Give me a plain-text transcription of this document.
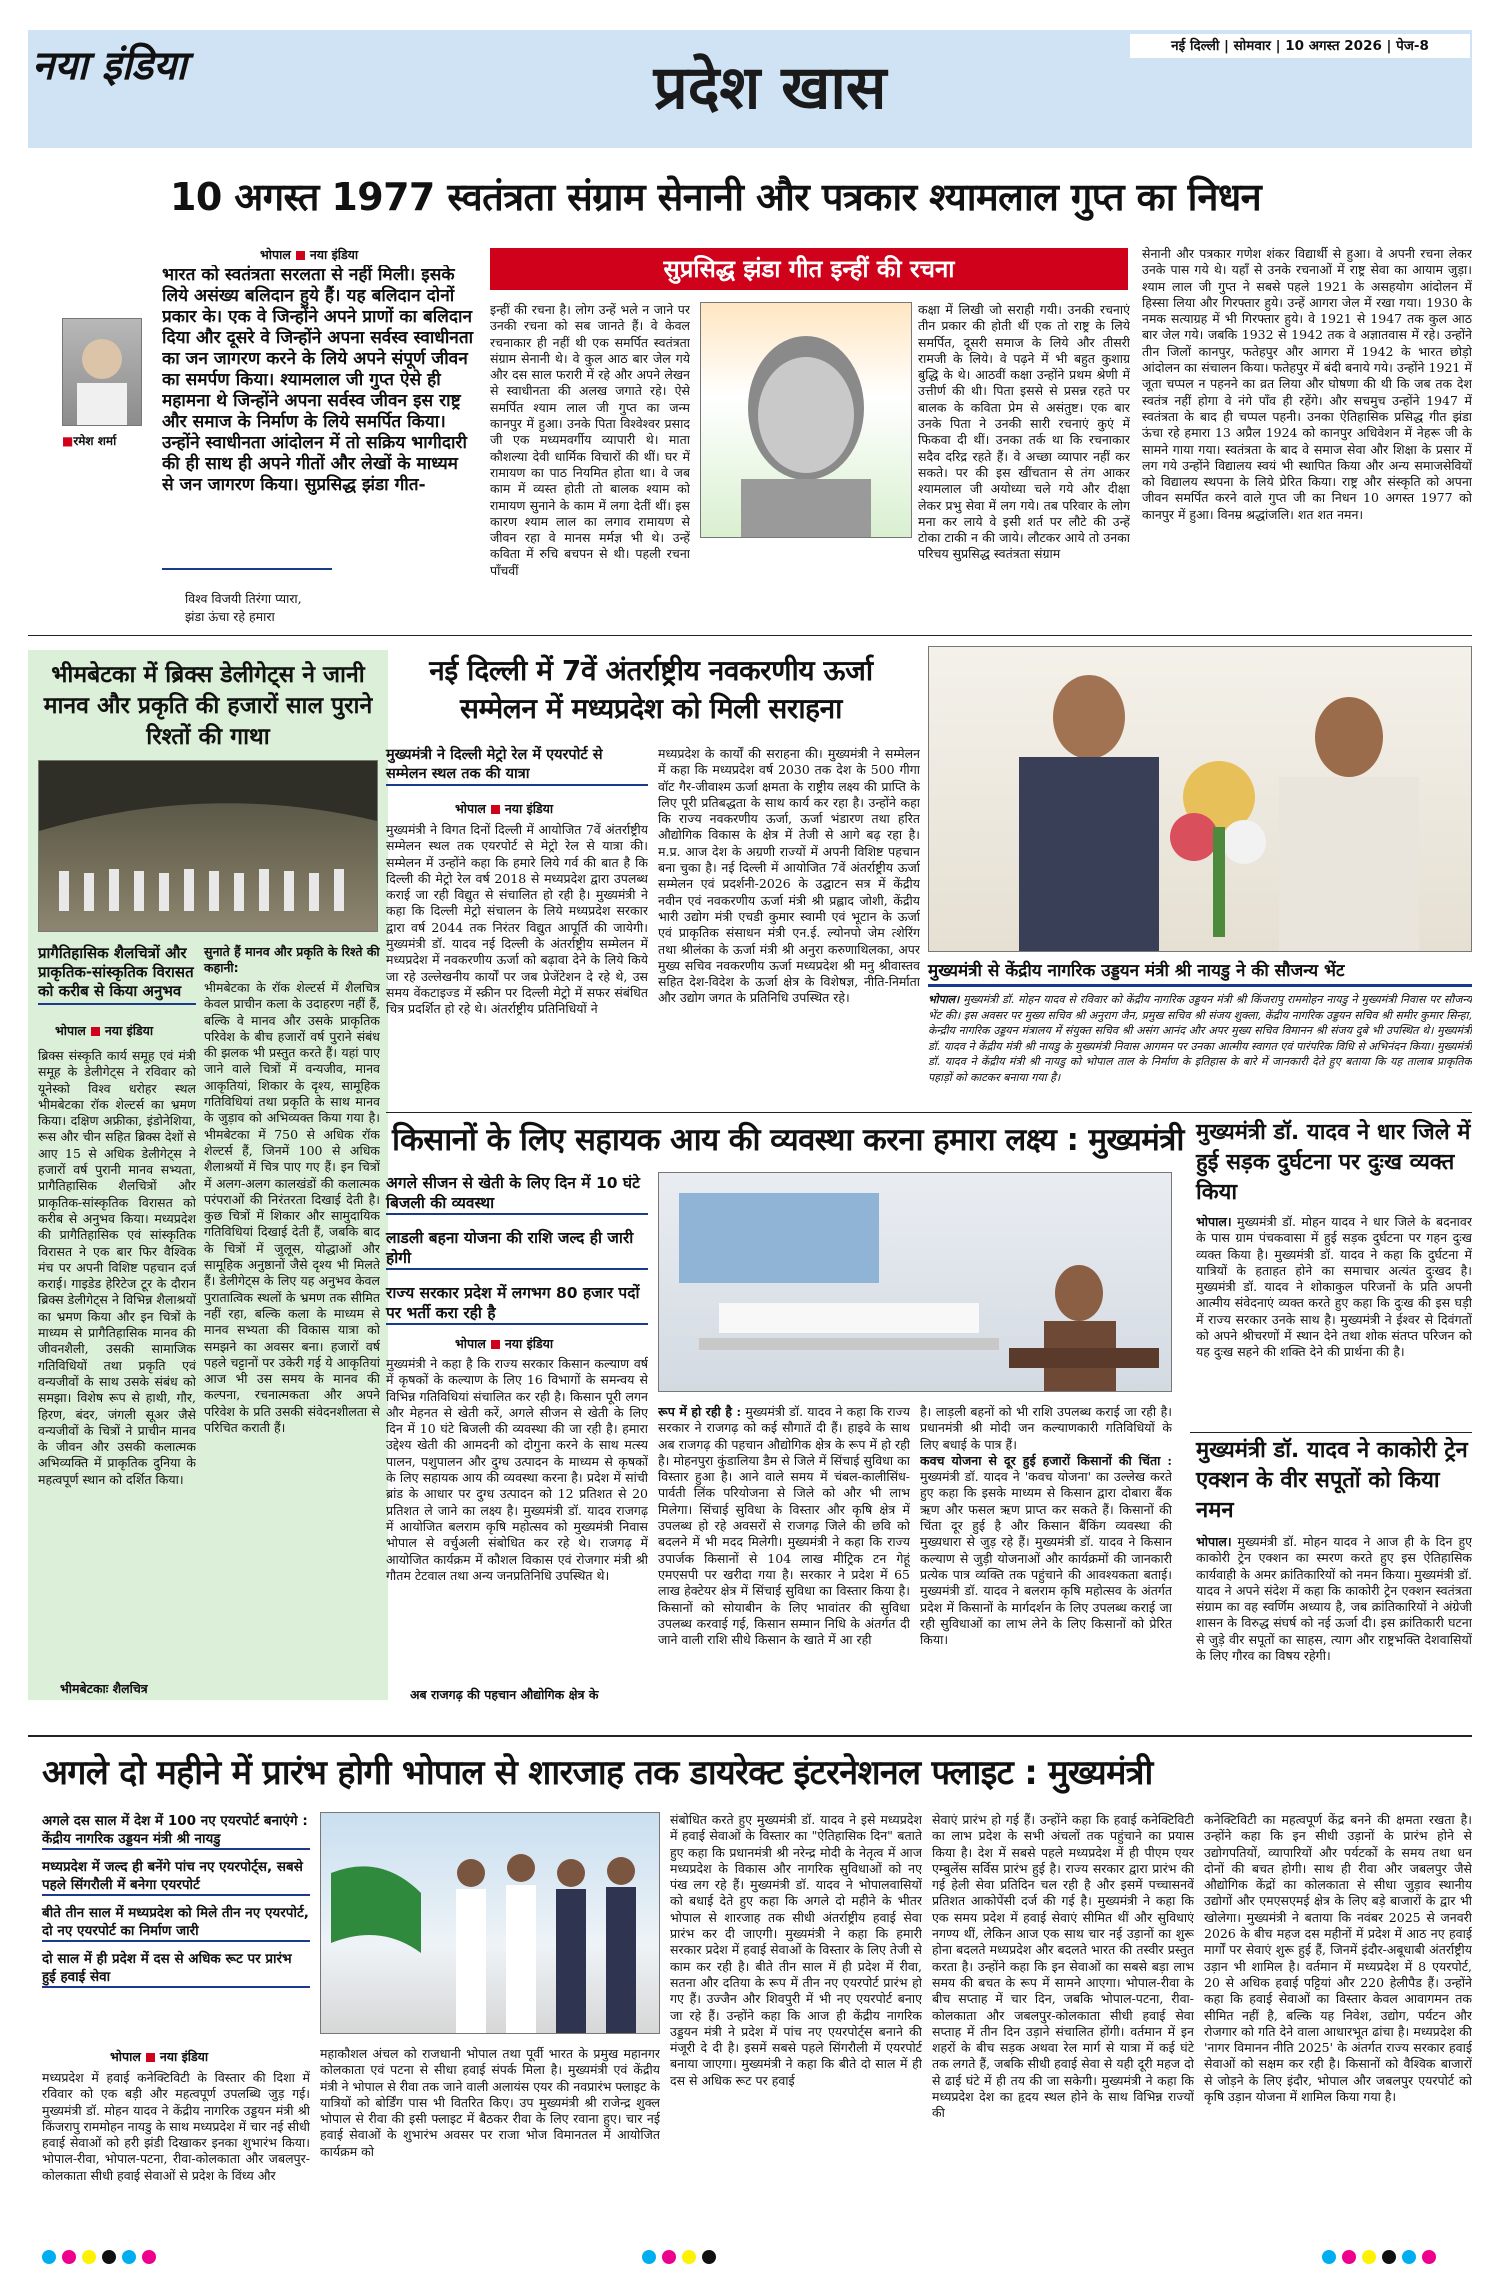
नया इंडिया	प्रदेश खास
नई दिल्ली | सोमवार | 10 अगस्त 2026 | पेज-8
10 अगस्त 1977 स्वतंत्रता संग्राम सेनानी और पत्रकार श्यामलाल गुप्त का निधन
भोपाल नया इंडिया
■रमेश शर्मा
भारत को स्वतंत्रता सरलता से नहीं मिली। इसके लिये असंख्य बलिदान हुये हैं। यह बलिदान दोनों प्रकार के। एक वे जिन्होंने अपने प्राणों का बलिदान दिया और दूसरे वे जिन्होंने अपना सर्वस्व स्वाधीनता का जन जागरण करने के लिये अपने संपूर्ण जीवन का समर्पण किया। श्यामलाल जी गुप्त ऐसे ही महामना थे जिन्होंने अपना सर्वस्व जीवन इस राष्ट्र और समाज के निर्माण के लिये समर्पित किया। उन्होंने स्वाधीनता आंदोलन में तो सक्रिय भागीदारी की ही साथ ही अपने गीतों और लेखों के माध्यम से जन जागरण किया। सुप्रसिद्ध झंडा गीत-
विश्व विजयी तिरंगा प्यारा,
झंडा ऊंचा रहे हमारा
सुप्रसिद्ध झंडा गीत इन्हीं की रचना

इन्हीं की रचना है। लोग उन्हें भले न जाने पर उनकी रचना को सब जानते हैं। वे केवल रचनाकार ही नहीं थी एक समर्पित स्वतंत्रता संग्राम सेनानी थे। वे कुल आठ बार जेल गये और दस साल फरारी में रहे और अपने लेखन से स्वाधीनता की अलख जगाते रहे। ऐसे समर्पित श्याम लाल जी गुप्त का जन्म कानपुर में हुआ। उनके पिता विश्वेश्वर प्रसाद जी एक मध्यमवर्गीय व्यापारी थे। माता कौशल्या देवी धार्मिक विचारों की थीं। घर में रामायण का पाठ नियमित होता था। वे जब काम में व्यस्त होती तो बालक श्याम को रामायण सुनाने के काम में लगा देतीं थीं। इस कारण श्याम लाल का लगाव रामायण से जीवन रहा वे मानस मर्मज्ञ भी थे। उन्हें कविता में रुचि बचपन से थी। पहली रचना पाँचवीं

कक्षा में लिखी जो सराही गयी। उनकी रचनाएं तीन प्रकार की होती थीं एक तो राष्ट्र के लिये समर्पित, दूसरी समाज के लिये और तीसरी रामजी के लिये। वे पढ़ने में भी बहुत कुशाग्र बुद्धि के थे। आठवीं कक्षा उन्होंने प्रथम श्रेणी में उत्तीर्ण की थी। पिता इससे से प्रसन्न रहते पर बालक के कविता प्रेम से असंतुष्ट। एक बार उनके पिता ने उनकी सारी रचनाएं कुएं में फिकवा दी थीं। उनका तर्क था कि रचनाकार सदैव दरिद्र रहते हैं। वे अच्छा व्यापार नहीं कर सकते। पर की इस खींचतान से तंग आकर श्यामलाल जी अयोध्या चले गये और दीक्षा लेकर प्रभु सेवा में लग गये। तब परिवार के लोग मना कर लाये वे इसी शर्त पर लौटे की उन्हें टोका टाकी न की जाये। लौटकर आये तो उनका परिचय सुप्रसिद्ध स्वतंत्रता संग्राम

सेनानी और पत्रकार गणेश शंकर विद्यार्थी से हुआ। वे अपनी रचना लेकर उनके पास गये थे। यहाँ से उनके रचनाओं में राष्ट्र सेवा का आयाम जुड़ा। श्याम लाल जी गुप्त ने सबसे पहले 1921 के असहयोग आंदोलन में हिस्सा लिया और गिरफ्तार हुये। उन्हें आगरा जेल में रखा गया। 1930 के नमक सत्याग्रह में भी गिरफ्तार हुये। वे 1921 से 1947 तक कुल आठ बार जेल गये। जबकि 1932 से 1942 तक वे अज्ञातवास में रहे। उन्होंने तीन जिलों कानपुर, फतेहपुर और आगरा में 1942 के भारत छोड़ो आंदोलन का संचालन किया। फतेहपुर में बंदी बनाये गये। उन्होंने 1921 में जूता चप्पल न पहनने का व्रत लिया और घोषणा की थी कि जब तक देश स्वतंत्र नहीं होगा वे नंगे पाँव ही रहेंगे। और सचमुच उन्होंने 1947 में स्वतंत्रता के बाद ही चप्पल पहनी। उनका ऐतिहासिक प्रसिद्ध गीत झंडा ऊंचा रहे हमारा 13 अप्रैल 1924 को कानपुर अधिवेशन में नेहरू जी के सामने गाया गया। स्वतंत्रता के बाद वे समाज सेवा और शिक्षा के प्रसार में लग गये उन्होंने विद्यालय स्वयं भी स्थापित किया और अन्य समाजसेवियों को विद्यालय स्थपना के लिये प्रेरित किया। राष्ट्र और संस्कृति को अपना जीवन समर्पित करने वाले गुप्त जी का निधन 10 अगस्त 1977 को कानपुर में हुआ। विनम्र श्रद्धांजलि। शत शत नमन।

भीमबेटका में ब्रिक्स डेलीगेट्स ने जानी मानव और प्रकृति की हजारों साल पुराने रिश्तों की गाथा
प्रागैतिहासिक शैलचित्रों और प्राकृतिक-सांस्कृतिक विरासत को करीब से किया अनुभव
भोपाल नया इंडिया

ब्रिक्स संस्कृति कार्य समूह एवं मंत्री समूह के डेलीगेट्स ने रविवार को यूनेस्को विश्व धरोहर स्थल भीमबेटका रॉक शेल्टर्स का भ्रमण किया। दक्षिण अफ्रीका, इंडोनेशिया, रूस और चीन सहित ब्रिक्स देशों से आए 15 से अधिक डेलीगेट्स ने हजारों वर्ष पुरानी मानव सभ्यता, प्रागैतिहासिक शैलचित्रों और प्राकृतिक-सांस्कृतिक विरासत को करीब से अनुभव किया। मध्यप्रदेश की प्रागैतिहासिक एवं सांस्कृतिक विरासत ने एक बार फिर वैश्विक मंच पर अपनी विशिष्ट पहचान दर्ज कराई। गाइडेड हेरिटेज टूर के दौरान ब्रिक्स डेलीगेट्स ने विभिन्न शैलाश्रयों का भ्रमण किया और इन चित्रों के माध्यम से प्रागैतिहासिक मानव की जीवनशैली, उसकी सामाजिक गतिविधियों तथा प्रकृति एवं वन्यजीवों के साथ उसके संबंध को समझा। विशेष रूप से हाथी, गौर, हिरण, बंदर, जंगली सूअर जैसे वन्यजीवों के चित्रों ने प्राचीन मानव के जीवन और उसकी कलात्मक अभिव्यक्ति में प्राकृतिक दुनिया के महत्वपूर्ण स्थान को दर्शित किया।

सुनाते हैं मानव और प्रकृति के रिश्ते की कहानी:

भीमबेटका के रॉक शेल्टर्स में शैलचित्र केवल प्राचीन कला के उदाहरण नहीं हैं, बल्कि वे मानव और उसके प्राकृतिक परिवेश के बीच हजारों वर्ष पुराने संबंध की झलक भी प्रस्तुत करते हैं। यहां पाए जाने वाले चित्रों में वन्यजीव, मानव आकृतियां, शिकार के दृश्य, सामूहिक गतिविधियां तथा प्रकृति के साथ मानव के जुड़ाव को अभिव्यक्त किया गया है। भीमबेटका में 750 से अधिक रॉक शेल्टर्स हैं, जिनमें 100 से अधिक शैलाश्रयों में चित्र पाए गए हैं। इन चित्रों में अलग-अलग कालखंडों की कलात्मक परंपराओं की निरंतरता दिखाई देती है। कुछ चित्रों में शिकार और सामुदायिक गतिविधियां दिखाई देती हैं, जबकि बाद के चित्रों में जुलूस, योद्धाओं और सामूहिक अनुष्ठानों जैसे दृश्य भी मिलते हैं। डेलीगेट्स के लिए यह अनुभव केवल पुरातात्विक स्थलों के भ्रमण तक सीमित नहीं रहा, बल्कि कला के माध्यम से मानव सभ्यता की विकास यात्रा को समझने का अवसर बना। हजारों वर्ष पहले चट्टानों पर उकेरी गई ये आकृतियां आज भी उस समय के मानव की कल्पना, रचनात्मकता और अपने परिवेश के प्रति उसकी संवेदनशीलता से परिचित कराती हैं।

भीमबेटकाः शैलचित्र
नई दिल्ली में 7वें अंतर्राष्ट्रीय नवकरणीय ऊर्जा सम्मेलन में मध्यप्रदेश को मिली सराहना
मुख्यमंत्री ने दिल्ली मेट्रो रेल में एयरपोर्ट से सम्मेलन स्थल तक की यात्रा
भोपाल नया इंडिया

मुख्यमंत्री ने विगत दिनों दिल्ली में आयोजित 7वें अंतर्राष्ट्रीय सम्मेलन स्थल तक एयरपोर्ट से मेट्रो रेल से यात्रा की। सम्मेलन में उन्होंने कहा कि हमारे लिये गर्व की बात है कि दिल्ली की मेट्रो रेल वर्ष 2018 से मध्यप्रदेश द्वारा उपलब्ध कराई जा रही विद्युत से संचालित हो रही है। मुख्यमंत्री ने कहा कि दिल्ली मेट्रो संचालन के लिये मध्यप्रदेश सरकार द्वारा वर्ष 2044 तक निरंतर विद्युत आपूर्ति की जायेगी। मुख्यमंत्री डॉ. यादव नई दिल्ली के अंतर्राष्ट्रीय सम्मेलन में मध्यप्रदेश में नवकरणीय ऊर्जा को बढ़ावा देने के लिये किये जा रहे उल्लेखनीय कार्यों पर जब प्रेजेंटेशन दे रहे थे, उस समय वेंकटाइज्ड में स्क्रीन पर दिल्ली मेट्रो में सफर संबंधित चित्र प्रदर्शित हो रहे थे। अंतर्राष्ट्रीय प्रतिनिधियों ने

मध्यप्रदेश के कार्यों की सराहना की। मुख्यमंत्री ने सम्मेलन में कहा कि मध्यप्रदेश वर्ष 2030 तक देश के 500 गीगा वॉट गैर-जीवाश्म ऊर्जा क्षमता के राष्ट्रीय लक्ष्य की प्राप्ति के लिए पूरी प्रतिबद्धता के साथ कार्य कर रहा है। उन्होंने कहा कि राज्य नवकरणीय ऊर्जा, ऊर्जा भंडारण तथा हरित औद्योगिक विकास के क्षेत्र में तेजी से आगे बढ़ रहा है। म.प्र. आज देश के अग्रणी राज्यों में अपनी विशिष्ट पहचान बना चुका है। नई दिल्ली में आयोजित 7वें अंतर्राष्ट्रीय ऊर्जा सम्मेलन एवं प्रदर्शनी-2026 के उद्घाटन सत्र में केंद्रीय नवीन एवं नवकरणीय ऊर्जा मंत्री श्री प्रह्लाद जोशी, केंद्रीय भारी उद्योग मंत्री एचडी कुमार स्वामी एवं भूटान के ऊर्जा एवं प्राकृतिक संसाधन मंत्री एन.ई. ल्योनपो जेम त्शेरिंग तथा श्रीलंका के ऊर्जा मंत्री श्री अनुरा करुणाथिलका, अपर मुख्य सचिव नवकरणीय ऊर्जा मध्यप्रदेश श्री मनु श्रीवास्तव सहित देश-विदेश के ऊर्जा क्षेत्र के विशेषज्ञ, नीति-निर्माता और उद्योग जगत के प्रतिनिधि उपस्थित रहे।

मुख्यमंत्री से केंद्रीय नागरिक उड्डयन मंत्री श्री नायडु ने की सौजन्य भेंट

भोपाल। मुख्यमंत्री डॉ. मोहन यादव से रविवार को केंद्रीय नागरिक उड्डयन मंत्री श्री किंजरापु राममोहन नायडु ने मुख्यमंत्री निवास पर सौजन्य भेंट की। इस अवसर पर मुख्य सचिव श्री अनुराग जैन, प्रमुख सचिव श्री संजय शुक्ला, केंद्रीय नागरिक उड्डयन सचिव श्री समीर कुमार सिन्हा, केन्द्रीय नागरिक उड्डयन मंत्रालय में संयुक्त सचिव श्री असंग आनंद और अपर मुख्य सचिव विमानन श्री संजय दुबे भी उपस्थित थे। मुख्यमंत्री डॉ. यादव ने केंद्रीय मंत्री श्री नायडु के मुख्यमंत्री निवास आगमन पर उनका आत्मीय स्वागत एवं पारंपरिक विधि से अभिनंदन किया। मुख्यमंत्री डॉ. यादव ने केंद्रीय मंत्री श्री नायडु को भोपाल ताल के निर्माण के इतिहास के बारे में जानकारी देते हुए बताया कि यह तालाब प्राकृतिक पहाड़ों को काटकर बनाया गया है।

किसानों के लिए सहायक आय की व्यवस्था करना हमारा लक्ष्य : मुख्यमंत्री
अगले सीजन से खेती के लिए दिन में 10 घंटे बिजली की व्यवस्था
लाडली बहना योजना की राशि जल्द ही जारी होगी
राज्य सरकार प्रदेश में लगभग 80 हजार पदों पर भर्ती करा रही है
भोपाल नया इंडिया

मुख्यमंत्री ने कहा है कि राज्य सरकार किसान कल्याण वर्ष में कृषकों के कल्याण के लिए 16 विभागों के समन्वय से विभिन्न गतिविधियां संचालित कर रही है। किसान पूरी लगन और मेहनत से खेती करें, अगले सीजन से खेती के लिए दिन में 10 घंटे बिजली की व्यवस्था की जा रही है। हमारा उद्देश्य खेती की आमदनी को दोगुना करने के साथ मत्स्य पालन, पशुपालन और दुग्ध उत्पादन के माध्यम से कृषकों के लिए सहायक आय की व्यवस्था करना है। प्रदेश में सांची ब्रांड के आधार पर दुग्ध उत्पादन को 12 प्रतिशत से 20 प्रतिशत ले जाने का लक्ष्य है। मुख्यमंत्री डॉ. यादव राजगढ़ में आयोजित बलराम कृषि महोत्सव को मुख्यमंत्री निवास भोपाल से वर्चुअली संबोधित कर रहे थे। राजगढ़ में आयोजित कार्यक्रम में कौशल विकास एवं रोजगार मंत्री श्री गौतम टेटवाल तथा अन्य जनप्रतिनिधि उपस्थित थे।

अब राजगढ़ की पहचान औद्योगिक क्षेत्र के

रूप में हो रही है : मुख्यमंत्री डॉ. यादव ने कहा कि राज्य सरकार ने राजगढ़ को कई सौगातें दी हैं। हाइवे के साथ अब राजगढ़ की पहचान औद्योगिक क्षेत्र के रूप में हो रही है। मोहनपुरा कुंडालिया डैम से जिले में सिंचाई सुविधा का विस्तार हुआ है। आने वाले समय में चंबल-कालीसिंध-पार्वती लिंक परियोजना से जिले को और भी लाभ मिलेगा। सिंचाई सुविधा के विस्तार और कृषि क्षेत्र में उपलब्ध हो रहे अवसरों से राजगढ़ जिले की छवि को बदलने में भी मदद मिलेगी। मुख्यमंत्री ने कहा कि राज्य उपार्जक किसानों से 104 लाख मीट्रिक टन गेहूं एमएसपी पर खरीदा गया है। सरकार ने प्रदेश में 65 लाख हेक्टेयर क्षेत्र में सिंचाई सुविधा का विस्तार किया है। किसानों को सोयाबीन के लिए भावांतर की सुविधा उपलब्ध करवाई गई, किसान सम्मान निधि के अंतर्गत दी जाने वाली राशि सीधे किसान के खाते में आ रही

है। लाड़ली बहनों को भी राशि उपलब्ध कराई जा रही है। प्रधानमंत्री श्री मोदी जन कल्याणकारी गतिविधियों के लिए बधाई के पात्र हैं।
कवच योजना से दूर हुई हजारों किसानों की चिंता : मुख्यमंत्री डॉ. यादव ने 'कवच योजना' का उल्लेख करते हुए कहा कि इसके माध्यम से किसान द्वारा दोबारा बैंक ऋण और फसल ऋण प्राप्त कर सकते हैं। किसानों की चिंता दूर हुई है और किसान बैंकिंग व्यवस्था की मुख्यधारा से जुड़ रहे हैं। मुख्यमंत्री डॉ. यादव ने किसान कल्याण से जुड़ी योजनाओं और कार्यक्रमों की जानकारी प्रत्येक पात्र व्यक्ति तक पहुंचाने की आवश्यकता बताई। मुख्यमंत्री डॉ. यादव ने बलराम कृषि महोत्सव के अंतर्गत प्रदेश में किसानों के मार्गदर्शन के लिए उपलब्ध कराई जा रही सुविधाओं का लाभ लेने के लिए किसानों को प्रेरित किया।

मुख्यमंत्री डॉ. यादव ने धार जिले में हुई सड़क दुर्घटना पर दुःख व्यक्त किया

भोपाल। मुख्यमंत्री डॉ. मोहन यादव ने धार जिले के बदनावर के पास ग्राम पंचकवासा में हुई सड़क दुर्घटना पर गहन दुःख व्यक्त किया है। मुख्यमंत्री डॉ. यादव ने कहा कि दुर्घटना में यात्रियों के हताहत होने का समाचार अत्यंत दुःखद है। मुख्यमंत्री डॉ. यादव ने शोकाकुल परिजनों के प्रति अपनी आत्मीय संवेदनाएं व्यक्त करते हुए कहा कि दुःख की इस घड़ी में राज्य सरकार उनके साथ है। मुख्यमंत्री ने ईश्वर से दिवंगतों को अपने श्रीचरणों में स्थान देने तथा शोक संतप्त परिजन को यह दुःख सहने की शक्ति देने की प्रार्थना की है।

मुख्यमंत्री डॉ. यादव ने काकोरी ट्रेन एक्शन के वीर सपूतों को किया नमन

भोपाल। मुख्यमंत्री डॉ. मोहन यादव ने आज ही के दिन हुए काकोरी ट्रेन एक्शन का स्मरण करते हुए इस ऐतिहासिक कार्यवाही के अमर क्रांतिकारियों को नमन किया। मुख्यमंत्री डॉ. यादव ने अपने संदेश में कहा कि काकोरी ट्रेन एक्शन स्वतंत्रता संग्राम का वह स्वर्णिम अध्याय है, जब क्रांतिकारियों ने अंग्रेजी शासन के विरुद्ध संघर्ष को नई ऊर्जा दी। इस क्रांतिकारी घटना से जुड़े वीर सपूतों का साहस, त्याग और राष्ट्रभक्ति देशवासियों के लिए गौरव का विषय रहेगी।

अगले दो महीने में प्रारंभ होगी भोपाल से शारजाह तक डायरेक्ट इंटरनेशनल फ्लाइट : मुख्यमंत्री
अगले दस साल में देश में 100 नए एयरपोर्ट बनाएंगे : केंद्रीय नागरिक उड्डयन मंत्री श्री नायडु
मध्यप्रदेश में जल्द ही बनेंगे पांच नए एयरपोर्ट्स, सबसे पहले सिंगरौली में बनेगा एयरपोर्ट
बीते तीन साल में मध्यप्रदेश को मिले तीन नए एयरपोर्ट, दो नए एयरपोर्ट का निर्माण जारी
दो साल में ही प्रदेश में दस से अधिक रूट पर प्रारंभ हुई हवाई सेवा
भोपाल नया इंडिया

मध्यप्रदेश में हवाई कनेक्टिविटी के विस्तार की दिशा में रविवार को एक बड़ी और महत्वपूर्ण उपलब्धि जुड़ गई। मुख्यमंत्री डॉ. मोहन यादव ने केंद्रीय नागरिक उड्डयन मंत्री श्री किंजरापु राममोहन नायडु के साथ मध्यप्रदेश में चार नई सीधी हवाई सेवाओं को हरी झंडी दिखाकर इनका शुभारंभ किया। भोपाल-रीवा, भोपाल-पटना, रीवा-कोलकाता और जबलपुर-कोलकाता सीधी हवाई सेवाओं से प्रदेश के विंध्य और

महाकौशल अंचल को राजधानी भोपाल तथा पूर्वी भारत के प्रमुख महानगर कोलकाता एवं पटना से सीधा हवाई संपर्क मिला है। मुख्यमंत्री एवं केंद्रीय मंत्री ने भोपाल से रीवा तक जाने वाली अलायंस एयर की नवप्रारंभ फ्लाइट के यात्रियों को बोर्डिंग पास भी वितरित किए। उप मुख्यमंत्री श्री राजेन्द्र शुक्ल भोपाल से रीवा की इसी फ्लाइट में बैठकर रीवा के लिए रवाना हुए। चार नई हवाई सेवाओं के शुभारंभ अवसर पर राजा भोज विमानतल में आयोजित कार्यक्रम को

संबोधित करते हुए मुख्यमंत्री डॉ. यादव ने इसे मध्यप्रदेश में हवाई सेवाओं के विस्तार का "ऐतिहासिक दिन" बताते हुए कहा कि प्रधानमंत्री श्री नरेन्द्र मोदी के नेतृत्व में आज मध्यप्रदेश के विकास और नागरिक सुविधाओं को नए पंख लग रहे हैं। मुख्यमंत्री डॉ. यादव ने भोपालवासियों को बधाई देते हुए कहा कि अगले दो महीने के भीतर भोपाल से शारजाह तक सीधी अंतर्राष्ट्रीय हवाई सेवा प्रारंभ कर दी जाएगी। मुख्यमंत्री ने कहा कि हमारी सरकार प्रदेश में हवाई सेवाओं के विस्तार के लिए तेजी से काम कर रही है। बीते तीन साल में ही प्रदेश में रीवा, सतना और दतिया के रूप में तीन नए एयरपोर्ट प्रारंभ हो गए हैं। उज्जैन और शिवपुरी में भी नए एयरपोर्ट बनाए जा रहे हैं। उन्होंने कहा कि आज ही केंद्रीय नागरिक उड्डयन मंत्री ने प्रदेश में पांच नए एयरपोर्ट्स बनाने की मंजूरी दे दी है। इसमें सबसे पहले सिंगरौली में एयरपोर्ट बनाया जाएगा। मुख्यमंत्री ने कहा कि बीते दो साल में ही दस से अधिक रूट पर हवाई

सेवाएं प्रारंभ हो गई हैं। उन्होंने कहा कि हवाई कनेक्टिविटी का लाभ प्रदेश के सभी अंचलों तक पहुंचाने का प्रयास किया है। देश में सबसे पहले मध्यप्रदेश में ही पीएम एयर एम्बुलेंस सर्विस प्रारंभ हुई है। राज्य सरकार द्वारा प्रारंभ की गई हेली सेवा प्रतिदिन चल रही है और इसमें पच्चासनवें प्रतिशत आकोपेंसी दर्ज की गई है। मुख्यमंत्री ने कहा कि एक समय प्रदेश में हवाई सेवाएं सीमित थीं और सुविधाएं नगण्य थीं, लेकिन आज एक साथ चार नई उड़ानों का शुरू होना बदलते मध्यप्रदेश और बदलते भारत की तस्वीर प्रस्तुत करता है। उन्होंने कहा कि इन सेवाओं का सबसे बड़ा लाभ समय की बचत के रूप में सामने आएगा। भोपाल-रीवा के बीच सप्ताह में चार दिन, जबकि भोपाल-पटना, रीवा-कोलकाता और जबलपुर-कोलकाता सीधी हवाई सेवा सप्ताह में तीन दिन उड़ाने संचालित होंगी। वर्तमान में इन शहरों के बीच सड़क अथवा रेल मार्ग से यात्रा में कई घंटे तक लगते हैं, जबकि सीधी हवाई सेवा से यही दूरी महज दो से ढाई घंटे में ही तय की जा सकेगी। मुख्यमंत्री ने कहा कि मध्यप्रदेश देश का हृदय स्थल होने के साथ विभिन्न राज्यों की

कनेक्टिविटी का महत्वपूर्ण केंद्र बनने की क्षमता रखता है। उन्होंने कहा कि इन सीधी उड़ानों के प्रारंभ होने से उद्योगपतियों, व्यापारियों और पर्यटकों के समय तथा धन दोनों की बचत होगी। साथ ही रीवा और जबलपुर जैसे औद्योगिक केंद्रों का कोलकाता से सीधा जुड़ाव स्थानीय उद्योगों और एमएसएमई क्षेत्र के लिए बड़े बाजारों के द्वार भी खोलेगा। मुख्यमंत्री ने बताया कि नवंबर 2025 से जनवरी 2026 के बीच महज दस महीनों में प्रदेश में आठ नए हवाई मार्गों पर सेवाएं शुरू हुई हैं, जिनमें इंदौर-अबूधाबी अंतर्राष्ट्रीय उड़ान भी शामिल है। वर्तमान में मध्यप्रदेश में 8 एयरपोर्ट, 20 से अधिक हवाई पट्टियां और 220 हेलीपैड हैं। उन्होंने कहा कि हवाई सेवाओं का विस्तार केवल आवागमन तक सीमित नहीं है, बल्कि यह निवेश, उद्योग, पर्यटन और रोजगार को गति देने वाला आधारभूत ढांचा है। मध्यप्रदेश की 'नागर विमानन नीति 2025' के अंतर्गत राज्य सरकार हवाई सेवाओं को सक्षम कर रही है। किसानों को वैश्विक बाजारों से जोड़ने के लिए इंदौर, भोपाल और जबलपुर एयरपोर्ट को कृषि उड़ान योजना में शामिल किया गया है।
